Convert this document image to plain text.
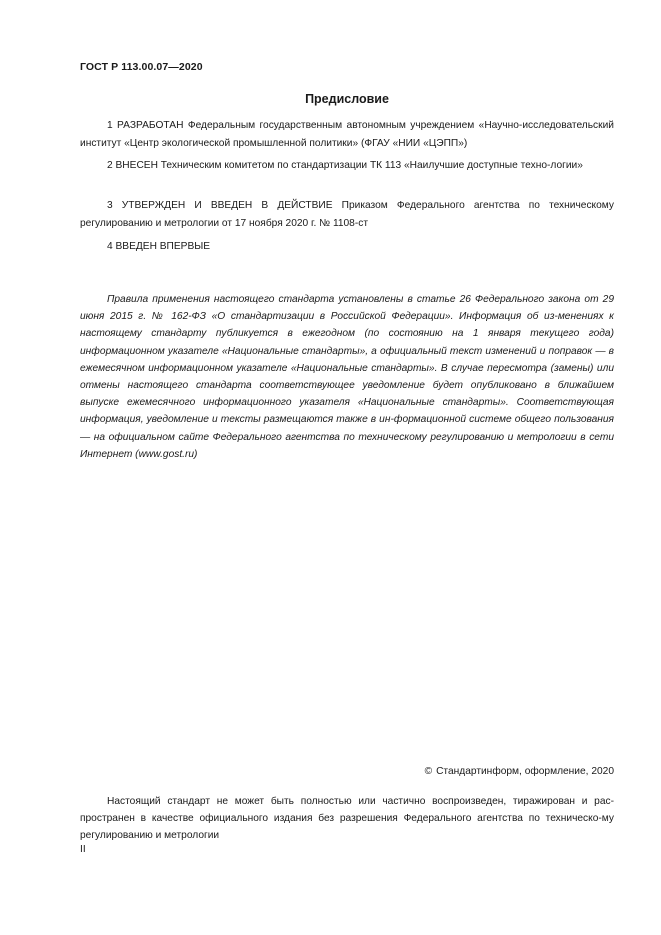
ГОСТ Р 113.00.07—2020
Предисловие

1 РАЗРАБОТАН Федеральным государственным автономным учреждением «Научно-исследовательский институт «Центр экологической промышленной политики» (ФГАУ «НИИ «ЦЭПП»)

2 ВНЕСЕН Техническим комитетом по стандартизации ТК 113 «Наилучшие доступные техно-логии»

3 УТВЕРЖДЕН И ВВЕДЕН В ДЕЙСТВИЕ Приказом Федерального агентства по техническому регулированию и метрологии от 17 ноября 2020 г. № 1108-ст

4 ВВЕДЕН ВПЕРВЫЕ

Правила применения настоящего стандарта установлены в статье 26 Федерального закона от 29 июня 2015 г. № 162-ФЗ «О стандартизации в Российской Федерации». Информация об из-менениях к настоящему стандарту публикуется в ежегодном (по состоянию на 1 января текущего года) информационном указателе «Национальные стандарты», а официальный текст изменений и поправок — в ежемесячном информационном указателе «Национальные стандарты». В случае пересмотра (замены) или отмены настоящего стандарта соответствующее уведомление будет опубликовано в ближайшем выпуске ежемесячного информационного указателя «Национальные стандарты». Соответствующая информация, уведомление и тексты размещаются также в ин-формационной системе общего пользования — на официальном сайте Федерального агентства по техническому регулированию и метрологии в сети Интернет (www.gost.ru)

© Стандартинформ, оформление, 2020

Настоящий стандарт не может быть полностью или частично воспроизведен, тиражирован и рас-пространен в качестве официального издания без разрешения Федерального агентства по техническо-му регулированию и метрологии

II
